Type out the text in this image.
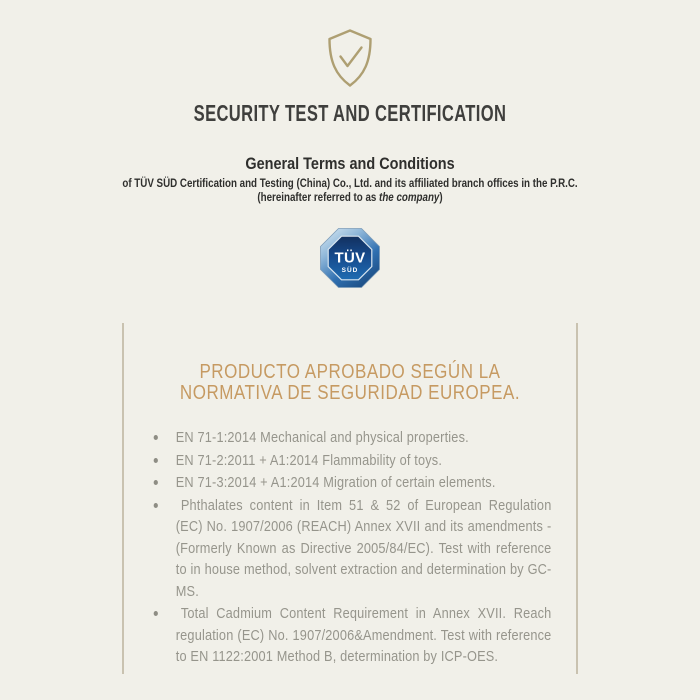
SECURITY TEST AND CERTIFICATION
General Terms and Conditions
of TÜV SÜD Certification and Testing (China) Co., Ltd. and its affiliated branch offices in the P.R.C.
(hereinafter referred to as the company)
TÜV
SÜD
PRODUCTO APROBADO SEGÚN LA
NORMATIVA DE SEGURIDAD EUROPEA.
EN 71-1:2014 Mechanical and physical properties.
EN 71-2:2011 + A1:2014 Flammability of toys.
EN 71-3:2014 + A1:2014 Migration of certain elements.
Phthalates content in Item 51 & 52 of European Regulation (EC) No. 1907/2006 (REACH) Annex XVII and its amendments - (Formerly Known as Directive 2005/84/EC). Test with reference to in house method, solvent extraction and determination by GC-MS.
Total Cadmium Content Requirement in Annex XVII. Reach regulation (EC) No. 1907/2006&Amendment. Test with reference to EN 1122:2001 Method B, determination by ICP-OES.
